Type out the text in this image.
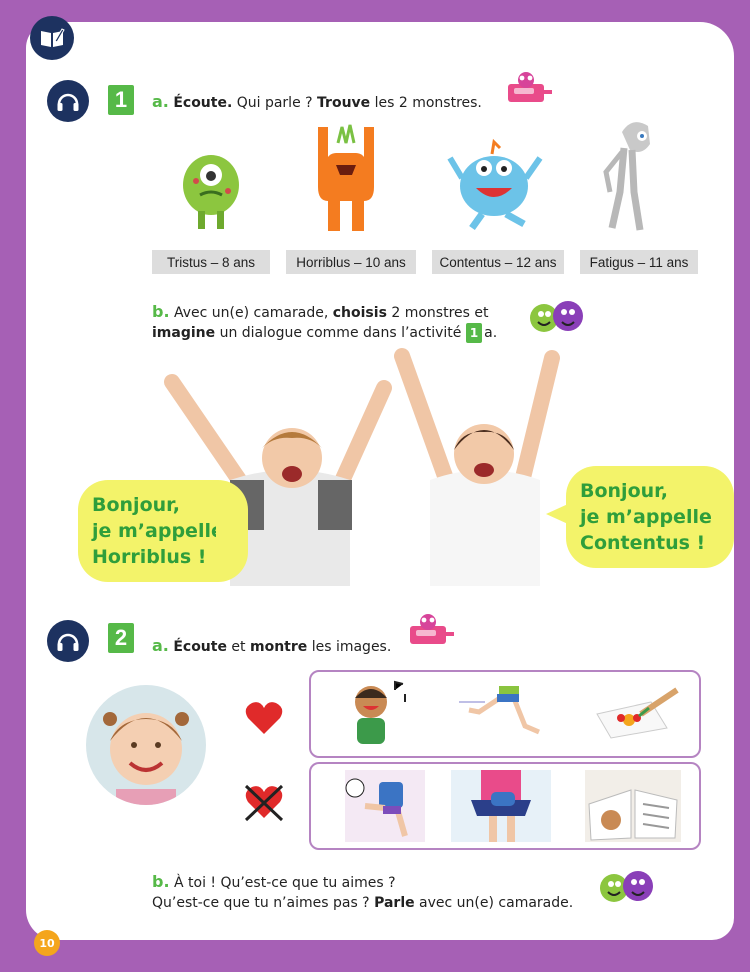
1	a. Écoute. Qui parle ? Trouve les 2 monstres.
Tristus – 8 ans	Horriblus – 10 ans	Contentus – 12 ans	Fatigus – 11 ans
b. Avec un(e) camarade, choisis 2 monstres et
imagine un dialogue comme dans l’activité 1 a.
Bonjour,
je m’appelle
Horriblus !
Bonjour,
je m’appelle
Contentus !
2	a. Écoute et montre les images.
b. À toi ! Qu’est-ce que tu aimes ?
Qu’est-ce que tu n’aimes pas ? Parle avec un(e) camarade.
10
